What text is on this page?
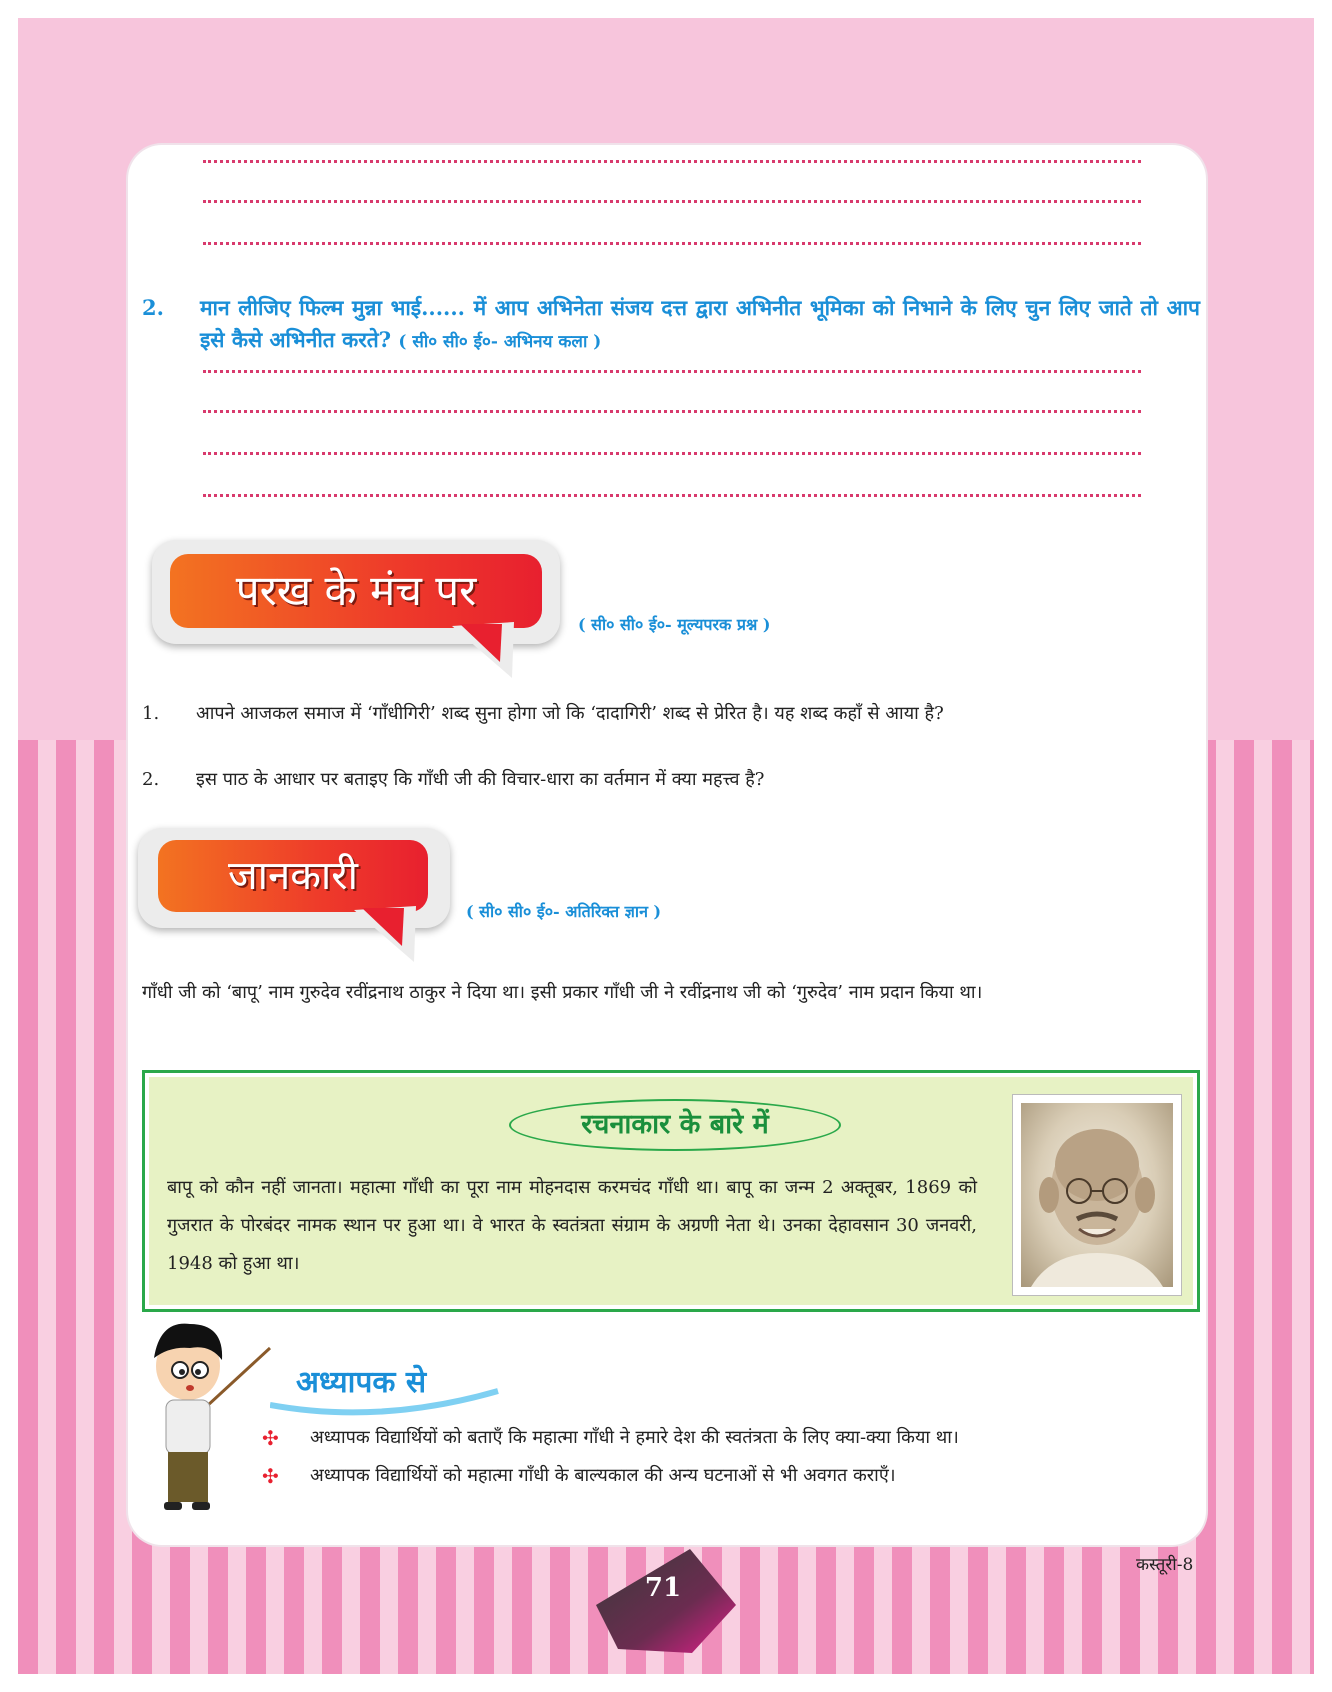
2. मान लीजिए फिल्म मुन्ना भाई...... में आप अभिनेता संजय दत्त द्वारा अभिनीत भूमिका को निभाने के लिए चुन लिए जाते तो आप इसे कैसे अभिनीत करते? ( सी० सी० ई०- अभिनय कला )
परख के मंच पर
( सी० सी० ई०- मूल्यपरक प्रश्न )
1. आपने आजकल समाज में ‘गाँधीगिरी’ शब्द सुना होगा जो कि ‘दादागिरी’ शब्द से प्रेरित है। यह शब्द कहाँ से आया है?
2. इस पाठ के आधार पर बताइए कि गाँधी जी की विचार-धारा का वर्तमान में क्या महत्त्व है?
जानकारी
( सी० सी० ई०- अतिरिक्त ज्ञान )
गाँधी जी को ‘बापू’ नाम गुरुदेव रवींद्रनाथ ठाकुर ने दिया था। इसी प्रकार गाँधी जी ने रवींद्रनाथ जी को ‘गुरुदेव’ नाम प्रदान किया था।
रचनाकार के बारे में
बापू को कौन नहीं जानता। महात्मा गाँधी का पूरा नाम मोहनदास करमचंद गाँधी था। बापू का जन्म 2 अक्तूबर, 1869 को गुजरात के पोरबंदर नामक स्थान पर हुआ था। वे भारत के स्वतंत्रता संग्राम के अग्रणी नेता थे। उनका देहावसान 30 जनवरी, 1948 को हुआ था।
अध्यापक से
✣ अध्यापक विद्यार्थियों को बताएँ कि महात्मा गाँधी ने हमारे देश की स्वतंत्रता के लिए क्या-क्या किया था।
✣ अध्यापक विद्यार्थियों को महात्मा गाँधी के बाल्यकाल की अन्य घटनाओं से भी अवगत कराएँ।
कस्तूरी-8
71
